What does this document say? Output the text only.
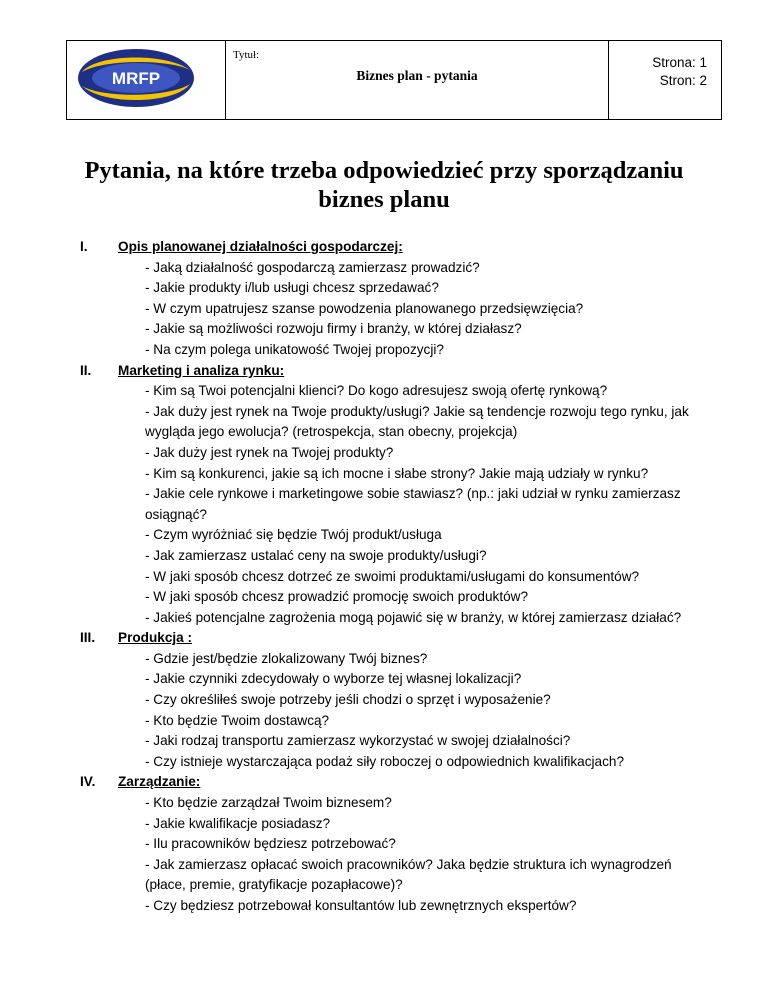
Tytuł:
Biznes plan - pytania

Strona: 1
Stron: 2
MRFP
Pytania, na które trzeba odpowiedzieć przy sporządzaniu
biznes planu
I.	Opis planowanej działalności gospodarczej:
- Jaką działalność gospodarczą zamierzasz prowadzić?
- Jakie produkty i/lub usługi chcesz sprzedawać?
- W czym upatrujesz szanse powodzenia planowanego przedsięwzięcia?
- Jakie są możliwości rozwoju firmy i branży, w której działasz?
- Na czym polega unikatowość Twojej propozycji?
II.	Marketing i analiza rynku:
- Kim są Twoi potencjalni klienci? Do kogo adresujesz swoją ofertę rynkową?
- Jak duży jest rynek na Twoje produkty/usługi? Jakie są tendencje rozwoju tego rynku, jak wygląda jego ewolucja? (retrospekcja, stan obecny, projekcja)
- Jak duży jest rynek na Twojej produkty?
- Kim są konkurenci, jakie są ich mocne i słabe strony? Jakie mają udziały w rynku?
- Jakie cele rynkowe i marketingowe sobie stawiasz? (np.: jaki udział w rynku zamierzasz osiągnąć?
- Czym wyróżniać się będzie Twój produkt/usługa
- Jak zamierzasz ustalać ceny na swoje produkty/usługi?
- W jaki sposób chcesz dotrzeć ze swoimi produktami/usługami do konsumentów?
- W jaki sposób chcesz prowadzić promocję swoich produktów?
- Jakieś potencjalne zagrożenia mogą pojawić się w branży, w której zamierzasz działać?
III.	Produkcja :
- Gdzie jest/będzie zlokalizowany Twój biznes?
- Jakie czynniki zdecydowały o wyborze tej własnej lokalizacji?
- Czy określiłeś swoje potrzeby jeśli chodzi o sprzęt i wyposażenie?
- Kto będzie Twoim dostawcą?
- Jaki rodzaj transportu zamierzasz wykorzystać w swojej działalności?
- Czy istnieje wystarczająca podaż siły roboczej o odpowiednich kwalifikacjach?
IV.	Zarządzanie:
- Kto będzie zarządzał Twoim biznesem?
- Jakie kwalifikacje posiadasz?
- Ilu pracowników będziesz potrzebować?
- Jak zamierzasz opłacać swoich pracowników? Jaka będzie struktura ich wynagrodzeń (płace, premie, gratyfikacje pozapłacowe)?
- Czy będziesz potrzebował konsultantów lub zewnętrznych ekspertów?
